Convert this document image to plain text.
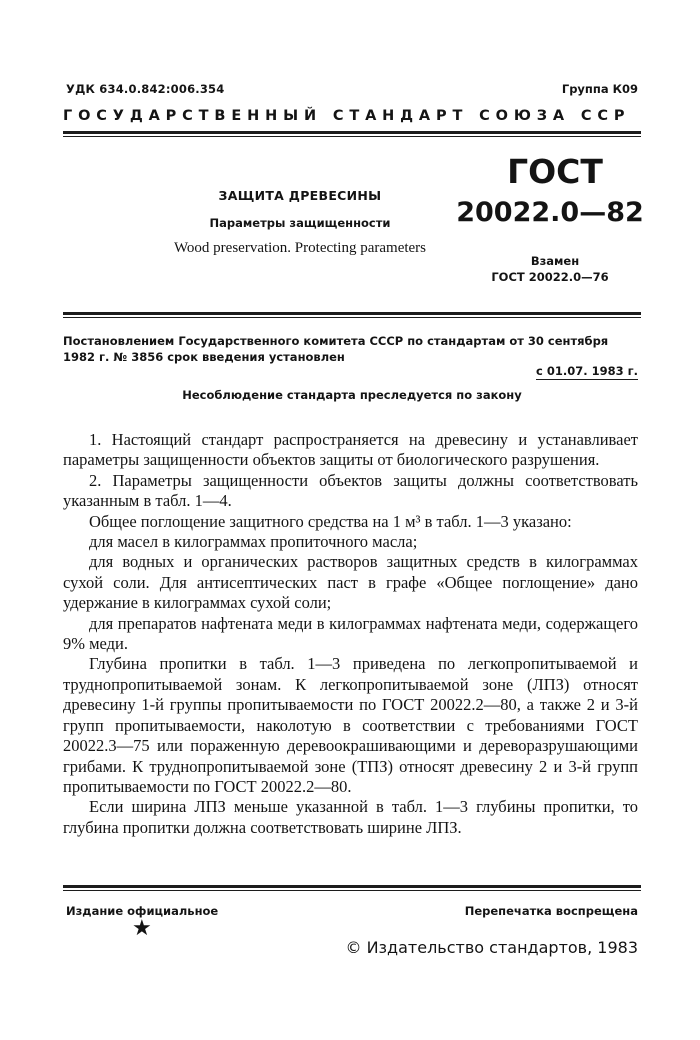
УДК 634.0.842:006.354	Группа К09
ГОСУДАРСТВЕННЫЙ СТАНДАРТ СОЮЗА ССР
ЗАЩИТА ДРЕВЕСИНЫ
Параметры защищенности
Wood preservation. Protecting parameters
ГОСТ
20022.0—82
Взамен
ГОСТ 20022.0—76
Постановлением Государственного комитета СССР по стандартам от 30 сентября 1982 г. № 3856 срок введения установлен
с 01.07. 1983 г.
Несоблюдение стандарта преследуется по закону

1. Настоящий стандарт распространяется на древесину и устанавливает параметры защищенности объектов защиты от биологического разрушения.

2. Параметры защищенности объектов защиты должны соответствовать указанным в табл. 1—4.

Общее поглощение защитного средства на 1 м³ в табл. 1—3 указано:

для масел в килограммах пропиточного масла;

для водных и органических растворов защитных средств в килограммах сухой соли. Для антисептических паст в графе «Общее поглощение» дано удержание в килограммах сухой соли;

для препаратов нафтената меди в килограммах нафтената меди, содержащего 9% меди.

Глубина пропитки в табл. 1—3 приведена по легкопропитываемой и труднопропитываемой зонам. К легкопропитываемой зоне (ЛПЗ) относят древесину 1-й группы пропитываемости по ГОСТ 20022.2—80, а также 2 и 3-й групп пропитываемости, наколотую в соответствии с требованиями ГОСТ 20022.3—75 или пораженную деревоокрашивающими и дереворазрушающими грибами. К труднопропитываемой зоне (ТПЗ) относят древесину 2 и 3-й групп пропитываемости по ГОСТ 20022.2—80.

Если ширина ЛПЗ меньше указанной в табл. 1—3 глубины пропитки, то глубина пропитки должна соответствовать ширине ЛПЗ.

Издание официальное
★
Перепечатка воспрещена
© Издательство стандартов, 1983
